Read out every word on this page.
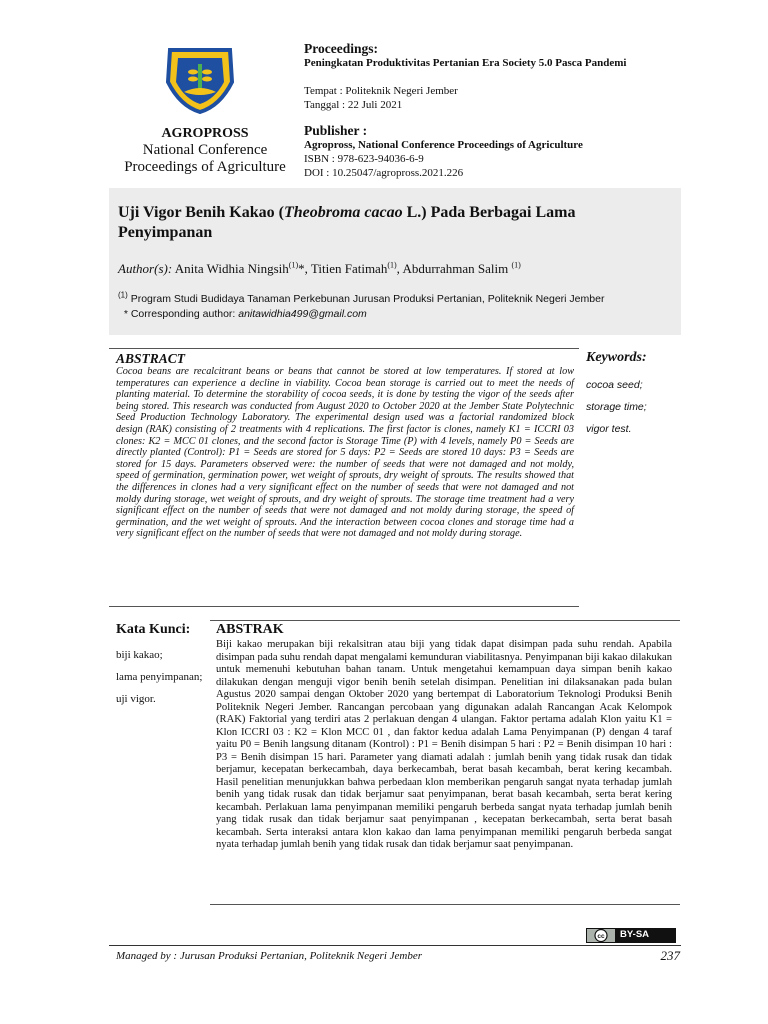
AGROPROSS
National Conference
Proceedings of Agriculture
Proceedings:
Peningkatan Produktivitas Pertanian Era Society 5.0 Pasca Pandemi
Tempat : Politeknik Negeri Jember
Tanggal : 22 Juli 2021
Publisher :
Agropross, National Conference Proceedings of Agriculture
ISBN : 978-623-94036-6-9
DOI : 10.25047/agropross.2021.226
Uji Vigor Benih Kakao (Theobroma cacao L.) Pada Berbagai Lama Penyimpanan
Author(s): Anita Widhia Ningsih$^{(1)}$*, Titien Fatimah$^{(1)}$, Abdurrahman Salim $^{(1)}$
$^{(1)}$ Program Studi Budidaya Tanaman Perkebunan Jurusan Produksi Pertanian, Politeknik Negeri Jember
* Corresponding author: anitawidhia499@gmail.com
ABSTRACT
Cocoa beans are recalcitrant beans or beans that cannot be stored at low temperatures. If stored at low temperatures can experience a decline in viability. Cocoa bean storage is carried out to meet the needs of planting material. To determine the storability of cocoa seeds, it is done by testing the vigor of the seeds after being stored. This research was conducted from August 2020 to October 2020 at the Jember State Polytechnic Seed Production Technology Laboratory. The experimental design used was a factorial randomized block design (RAK) consisting of 2 treatments with 4 replications. The first factor is clones, namely K1 = ICCRI 03 clones: K2 = MCC 01 clones, and the second factor is Storage Time (P) with 4 levels, namely P0 = Seeds are directly planted (Control): P1 = Seeds are stored for 5 days: P2 = Seeds are stored 10 days: P3 = Seeds are stored for 15 days. Parameters observed were: the number of seeds that were not damaged and not moldy, speed of germination, germination power, wet weight of sprouts, dry weight of sprouts. The results showed that the differences in clones had a very significant effect on the number of seeds that were not damaged and not moldy during storage, wet weight of sprouts, and dry weight of sprouts. The storage time treatment had a very significant effect on the number of seeds that were not damaged and not moldy during storage, the speed of germination, and the wet weight of sprouts. And the interaction between cocoa clones and storage time had a very significant effect on the number of seeds that were not damaged and not moldy during storage.
Keywords:
cocoa seed;
storage time;
vigor test.
Kata Kunci:
biji kakao;
lama penyimpanan;
uji vigor.
ABSTRAK
Biji kakao merupakan biji rekalsitran atau biji yang tidak dapat disimpan pada suhu rendah. Apabila disimpan pada suhu rendah dapat mengalami kemunduran viabilitasnya. Penyimpanan biji kakao dilakukan untuk memenuhi kebutuhan bahan tanam. Untuk mengetahui kemampuan daya simpan benih kakao dilakukan dengan menguji vigor benih benih setelah disimpan. Penelitian ini dilaksanakan pada bulan Agustus 2020 sampai dengan Oktober 2020 yang bertempat di Laboratorium Teknologi Produksi Benih Politeknik Negeri Jember. Rancangan percobaan yang digunakan adalah Rancangan Acak Kelompok (RAK) Faktorial yang terdiri atas 2 perlakuan dengan 4 ulangan. Faktor pertama adalah Klon yaitu K1 = Klon ICCRI 03 : K2 = Klon MCC 01 , dan faktor kedua adalah Lama Penyimpanan (P) dengan 4 taraf yaitu P0 = Benih langsung ditanam (Kontrol) : P1 = Benih disimpan 5 hari : P2 = Benih disimpan 10 hari : P3 = Benih disimpan 15 hari. Parameter yang diamati adalah : jumlah benih yang tidak rusak dan tidak berjamur, kecepatan berkecambah, daya berkecambah, berat basah kecambah, berat kering kecambah. Hasil penelitian menunjukkan bahwa perbedaan klon memberikan pengaruh sangat nyata terhadap jumlah benih yang tidak rusak dan tidak berjamur saat penyimpanan, berat basah kecambah, serta berat kering kecambah. Perlakuan lama penyimpanan memiliki pengaruh berbeda sangat nyata terhadap jumlah benih yang tidak rusak dan tidak berjamur saat penyimpanan , kecepatan berkecambah, serta berat basah kecambah. Serta interaksi antara klon kakao dan lama penyimpanan memiliki pengaruh berbeda sangat nyata terhadap jumlah benih yang tidak rusak dan tidak berjamur saat penyimpanan.
cc BY-SA
Managed by : Jurusan Produksi Pertanian, Politeknik Negeri Jember	237
